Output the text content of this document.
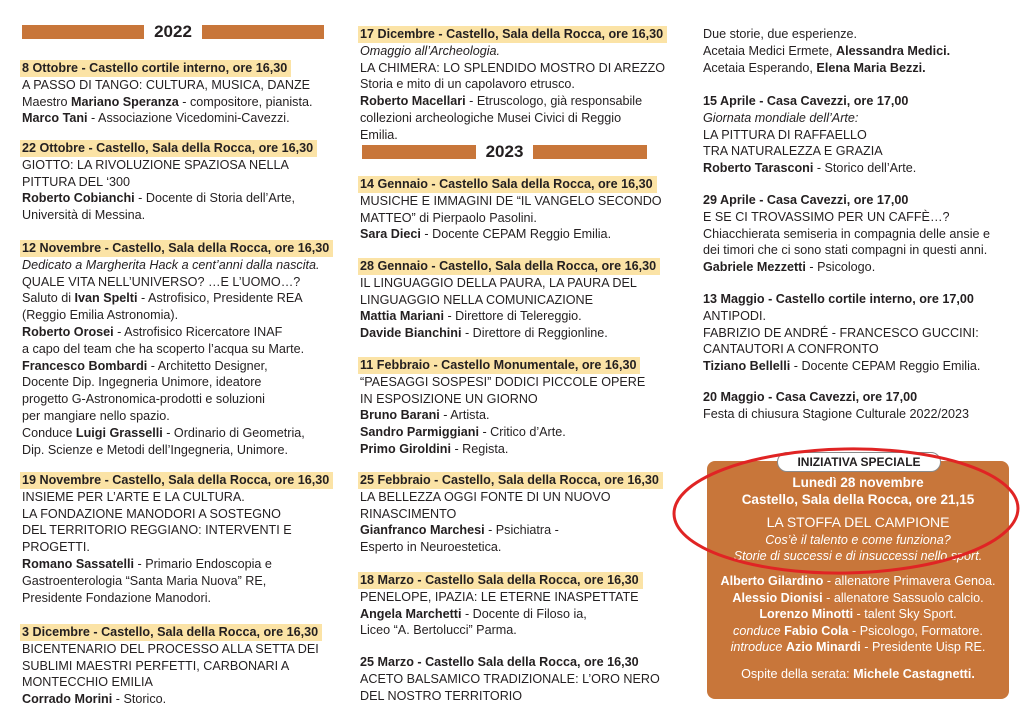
2022
2023
8 Ottobre - Castello cortile interno, ore 16,30
A PASSO DI TANGO: CULTURA, MUSICA, DANZE
Maestro Mariano Speranza - compositore, pianista.
Marco Tani - Associazione Vicedomini-Cavezzi.
22 Ottobre - Castello, Sala della Rocca, ore 16,30
GIOTTO: LA RIVOLUZIONE SPAZIOSA NELLA
PITTURA DEL ‘300
Roberto Cobianchi - Docente di Storia dell’Arte,
Università di Messina.
12 Novembre - Castello, Sala della Rocca, ore 16,30
Dedicato a Margherita Hack a cent’anni dalla nascita.
QUALE VITA NELL’UNIVERSO? …E L’UOMO…?
Saluto di Ivan Spelti - Astrofisico, Presidente REA
(Reggio Emilia Astronomia).
Roberto Orosei - Astrofisico Ricercatore INAF
a capo del team che ha scoperto l’acqua su Marte.
Francesco Bombardi - Architetto Designer,
Docente Dip. Ingegneria Unimore, ideatore
progetto G-Astronomica-prodotti e soluzioni
per mangiare nello spazio.
Conduce Luigi Grasselli - Ordinario di Geometria,
Dip. Scienze e Metodi dell’Ingegneria, Unimore.
19 Novembre - Castello, Sala della Rocca, ore 16,30
INSIEME PER L’ARTE E LA CULTURA.
LA FONDAZIONE MANODORI A SOSTEGNO
DEL TERRITORIO REGGIANO: INTERVENTI E
PROGETTI.
Romano Sassatelli - Primario Endoscopia e
Gastroenterologia “Santa Maria Nuova” RE,
Presidente Fondazione Manodori.
3 Dicembre - Castello, Sala della Rocca, ore 16,30
BICENTENARIO DEL PROCESSO ALLA SETTA DEI
SUBLIMI MAESTRI PERFETTI, CARBONARI A
MONTECCHIO EMILIA
Corrado Morini - Storico.
17 Dicembre - Castello, Sala della Rocca, ore 16,30
Omaggio all’Archeologia.
LA CHIMERA: LO SPLENDIDO MOSTRO DI AREZZO
Storia e mito di un capolavoro etrusco.
Roberto Macellari - Etruscologo, già responsabile
collezioni archeologiche Musei Civici di Reggio
Emilia.
14 Gennaio - Castello Sala della Rocca, ore 16,30
MUSICHE E IMMAGINI DE “IL VANGELO SECONDO
MATTEO” di Pierpaolo Pasolini.
Sara Dieci - Docente CEPAM Reggio Emilia.
28 Gennaio - Castello, Sala della Rocca, ore 16,30
IL LINGUAGGIO DELLA PAURA, LA PAURA DEL
LINGUAGGIO NELLA COMUNICAZIONE
Mattia Mariani - Direttore di Telereggio.
Davide Bianchini - Direttore di Reggionline.
11 Febbraio - Castello Monumentale, ore 16,30
“PAESAGGI SOSPESI” DODICI PICCOLE OPERE
IN ESPOSIZIONE UN GIORNO
Bruno Barani - Artista.
Sandro Parmiggiani - Critico d’Arte.
Primo Giroldini - Regista.
25 Febbraio - Castello, Sala della Rocca, ore 16,30
LA BELLEZZA OGGI FONTE DI UN NUOVO
RINASCIMENTO
Gianfranco Marchesi - Psichiatra -
Esperto in Neuroestetica.
18 Marzo - Castello Sala della Rocca, ore 16,30
PENELOPE, IPAZIA: LE ETERNE INASPETTATE
Angela Marchetti - Docente di Filoso ia,
Liceo “A. Bertolucci” Parma.
25 Marzo - Castello Sala della Rocca, ore 16,30
ACETO BALSAMICO TRADIZIONALE: L’ORO NERO
DEL NOSTRO TERRITORIO
Due storie, due esperienze.
Acetaia Medici Ermete, Alessandra Medici.
Acetaia Esperando, Elena Maria Bezzi.
15 Aprile - Casa Cavezzi, ore 17,00
Giornata mondiale dell’Arte:
LA PITTURA DI RAFFAELLO
TRA NATURALEZZA E GRAZIA
Roberto Tarasconi - Storico dell’Arte.
29 Aprile - Casa Cavezzi, ore 17,00
E SE CI TROVASSIMO PER UN CAFFÈ…?
Chiacchierata semiseria in compagnia delle ansie e
dei timori che ci sono stati compagni in questi anni.
Gabriele Mezzetti - Psicologo.
13 Maggio - Castello cortile interno, ore 17,00
ANTIPODI.
FABRIZIO DE ANDRÉ - FRANCESCO GUCCINI:
CANTAUTORI A CONFRONTO
Tiziano Bellelli - Docente CEPAM Reggio Emilia.
20 Maggio - Casa Cavezzi, ore 17,00
Festa di chiusura Stagione Culturale 2022/2023
INIZIATIVA SPECIALE
Lunedì 28 novembre
Castello, Sala della Rocca, ore 21,15
LA STOFFA DEL CAMPIONE
Cos’è il talento e come funziona?
Storie di successi e di insuccessi nello sport.
Alberto Gilardino - allenatore Primavera Genoa.
Alessio Dionisi - allenatore Sassuolo calcio.
Lorenzo Minotti - talent Sky Sport.
conduce Fabio Cola - Psicologo, Formatore.
introduce Azio Minardi - Presidente Uisp RE.
Ospite della serata: Michele Castagnetti.
